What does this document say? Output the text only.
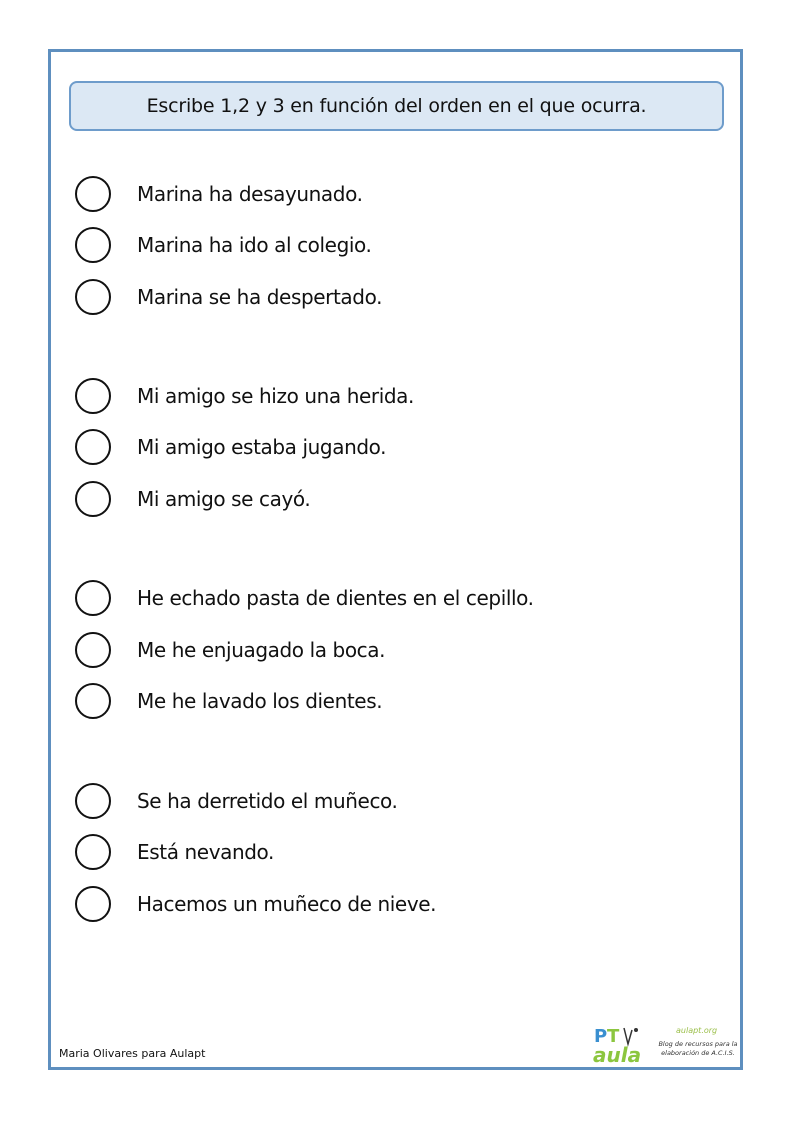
Escribe 1,2 y 3 en función del orden en el que ocurra.
Marina ha desayunado.
Marina ha ido al colegio.
Marina se ha despertado.
Mi amigo se hizo una herida.
Mi amigo estaba jugando.
Mi amigo se cayó.
He echado pasta de dientes en el cepillo.
Me he enjuagado la boca.
Me he lavado los dientes.
Se ha derretido el muñeco.
Está nevando.
Hacemos un muñeco de nieve.
Maria Olivares para Aulapt
P T
aula
aulapt.org
Blog de recursos para la elaboración de A.C.I.S.
